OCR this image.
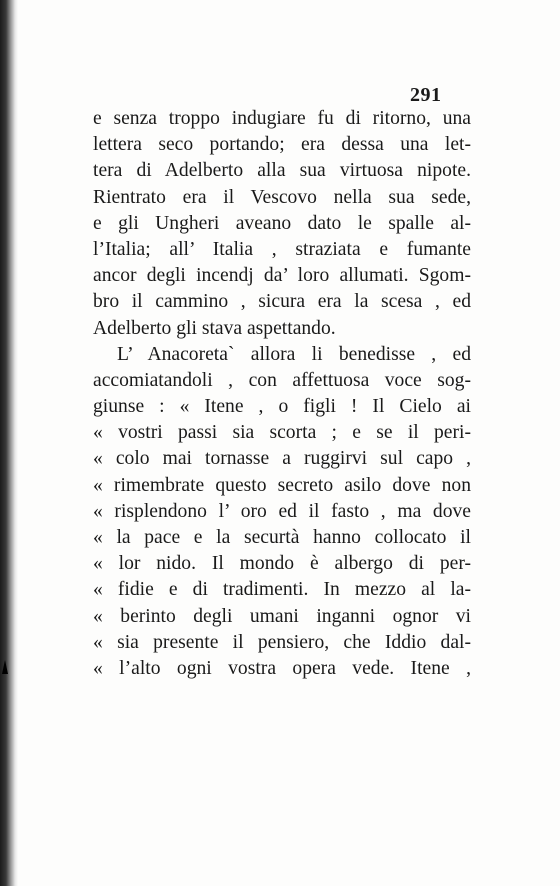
291
e senza troppo indugiare fu di ritorno, una
lettera seco portando; era dessa una let-
tera di Adelberto alla sua virtuosa nipote.
Rientrato era il Vescovo nella sua sede,
e gli Ungheri aveano dato le spalle al-
l’Italia; all’ Italia , straziata e fumante
ancor degli incendj da’ loro allumati. Sgom-
bro il cammino , sicura era la scesa , ed
Adelberto gli stava aspettando.
L’ Anacoreta` allora li benedisse , ed
accomiatandoli , con affettuosa voce sog-
giunse : « Itene , o figli ! Il Cielo ai
« vostri passi sia scorta ; e se il peri-
« colo mai tornasse a ruggirvi sul capo ,
« rimembrate questo secreto asilo dove non
« risplendono l’ oro ed il fasto , ma dove
« la pace e la securtà hanno collocato il
« lor nido. Il mondo è albergo di per-
« fidie e di tradimenti. In mezzo al la-
« berinto degli umani inganni ognor vi
« sia presente il pensiero, che Iddio dal-
« l’alto ogni vostra opera vede. Itene ,
